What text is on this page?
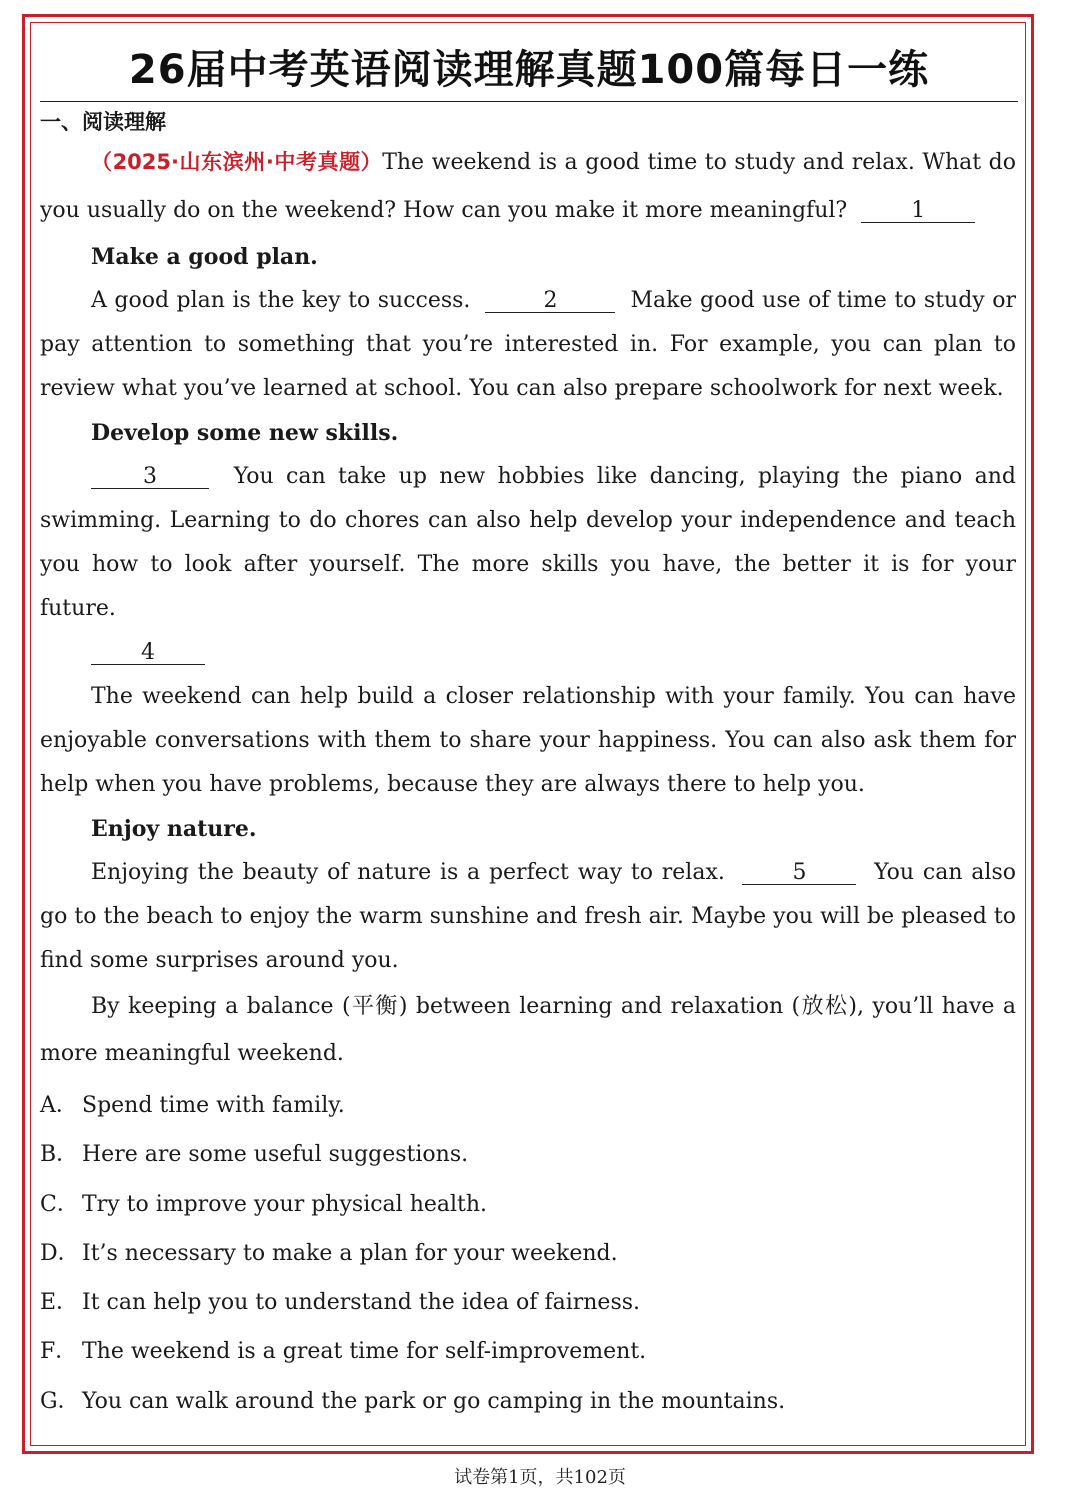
26届中考英语阅读理解真题100篇每日一练
一、阅读理解

（2025·山东滨州·中考真题）The weekend is a good time to study and relax. What do you usually do on the weekend? How can you make it more meaningful?	1

Make a good plan.

A good plan is the key to success.	2	Make good use of time to study or pay attention to something that you’re interested in. For example, you can plan to review what you’ve learned at school. You can also prepare schoolwork for next week.

Develop some new skills.

3	You can take up new hobbies like dancing, playing the piano and swimming. Learning to do chores can also help develop your independence and teach you how to look after yourself. The more skills you have, the better it is for your future.

4

The weekend can help build a closer relationship with your family. You can have enjoyable conversations with them to share your happiness. You can also ask them for help when you have problems, because they are always there to help you.

Enjoy nature.

Enjoying the beauty of nature is a perfect way to relax.	5	You can also go to the beach to enjoy the warm sunshine and fresh air. Maybe you will be pleased to find some surprises around you.

By keeping a balance (平衡) between learning and relaxation (放松), you’ll have a more meaningful weekend.

A． Spend time with family.
B． Here are some useful suggestions.
C． Try to improve your physical health.
D． It’s necessary to make a plan for your weekend.
E． It can help you to understand the idea of fairness.
F． The weekend is a great time for self-improvement.
G． You can walk around the park or go camping in the mountains.
试卷第1页，共102页
